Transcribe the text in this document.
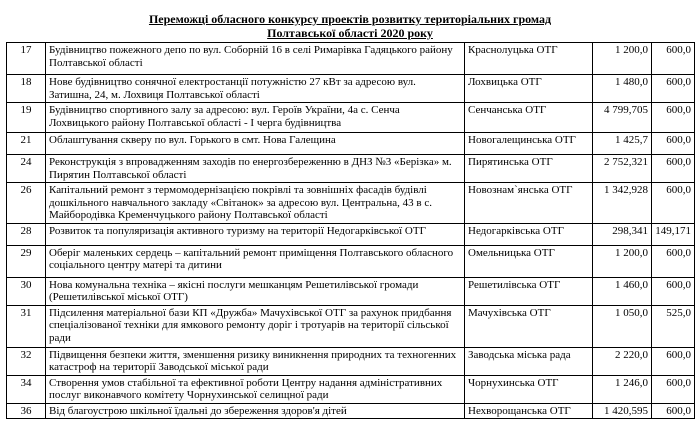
Переможці обласного конкурсу проектів розвитку територіальних громад
Полтавської області 2020 року
17	Будівництво пожежного депо по вул. Соборній 16 в селі Римарівка Гадяцького району Полтавської області	Краснолуцька ОТГ	1 200,0	600,0
18	Нове будівництво сонячної електростанції потужністю 27 кВт за адресою вул. Затишна, 24, м. Лохвиця Полтавської області	Лохвицька ОТГ	1 480,0	600,0
19	Будівництво спортивного залу за адресою: вул. Героїв України, 4а с. Сенча Лохвицького району Полтавської області - І черга будівництва	Сенчанська ОТГ	4 799,705	600,0
21	Облаштування скверу по вул. Горького в смт. Нова Галещина	Новогалещинська ОТГ	1 425,7	600,0
24	Реконструкція з впровадженням заходів по енергозбереженню в ДНЗ №3 «Берізка» м. Пирятин Полтавської області	Пирятинська ОТГ	2 752,321	600,0
26	Капітальний ремонт з термомодернізацією покрівлі та зовнішніх фасадів будівлі дошкільного навчального закладу «Світанок» за адресою вул. Центральна, 43 в с. Майбородівка Кременчуцького району Полтавської області	Новознам`янська ОТГ	1 342,928	600,0
28	Розвиток та популяризація активного туризму на території Недогарківської ОТГ	Недогарківська ОТГ	298,341	149,171
29	Оберіг маленьких сердець – капітальний ремонт приміщення Полтавського обласного соціального центру матері та дитини	Омельницька ОТГ	1 200,0	600,0
30	Нова комунальна техніка – якісні послуги мешканцям Решетилівської громади (Решетилівської міської ОТГ)	Решетилівська ОТГ	1 460,0	600,0
31	Підсилення матеріальної бази КП «Дружба» Мачухівської ОТГ за рахунок придбання спеціалізованої техніки для ямкового ремонту доріг і тротуарів на території сільської ради	Мачухівська ОТГ	1 050,0	525,0
32	Підвищення безпеки життя, зменшення ризику виникнення природних та техногенних катастроф на території Заводської міської ради	Заводська міська рада	2 220,0	600,0
34	Створення умов стабільної та ефективної роботи Центру надання адміністративних послуг виконавчого комітету Чорнухинської селищної ради	Чорнухинська ОТГ	1 246,0	600,0
36	Від благоустрою шкільної їдальні до збереження здоров'я дітей	Нехворощанська ОТГ	1 420,595	600,0
